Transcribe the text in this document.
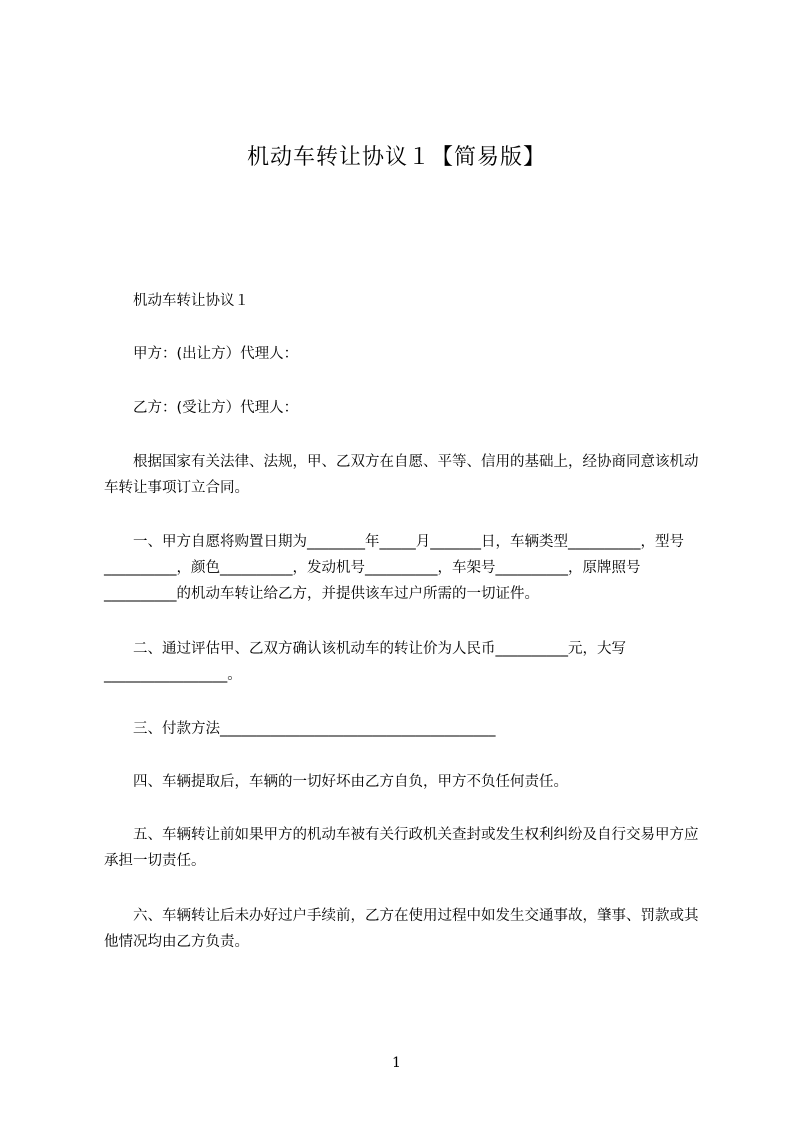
机动车转让协议１【简易版】
　　机动车转让协议１
　　甲方：(出让方）代理人：
　　乙方：(受让方）代理人：
　　根据国家有关法律、法规，甲、乙双方在自愿、平等、信用的基础上，经协商同意该机动车转让事项订立合同。
　　一、甲方自愿将购置日期为________年_____月_______日，车辆类型__________，型号__________，颜色__________，发动机号__________，车架号__________，原牌照号__________的机动车转让给乙方，并提供该车过户所需的一切证件。
　　二、通过评估甲、乙双方确认该机动车的转让价为人民币__________元，大写_________________。
　　三、付款方法______________________________________
　　四、车辆提取后，车辆的一切好坏由乙方自负，甲方不负任何责任。
　　五、车辆转让前如果甲方的机动车被有关行政机关查封或发生权利纠纷及自行交易甲方应承担一切责任。
　　六、车辆转让后未办好过户手续前，乙方在使用过程中如发生交通事故，肇事、罚款或其他情况均由乙方负责。
1
